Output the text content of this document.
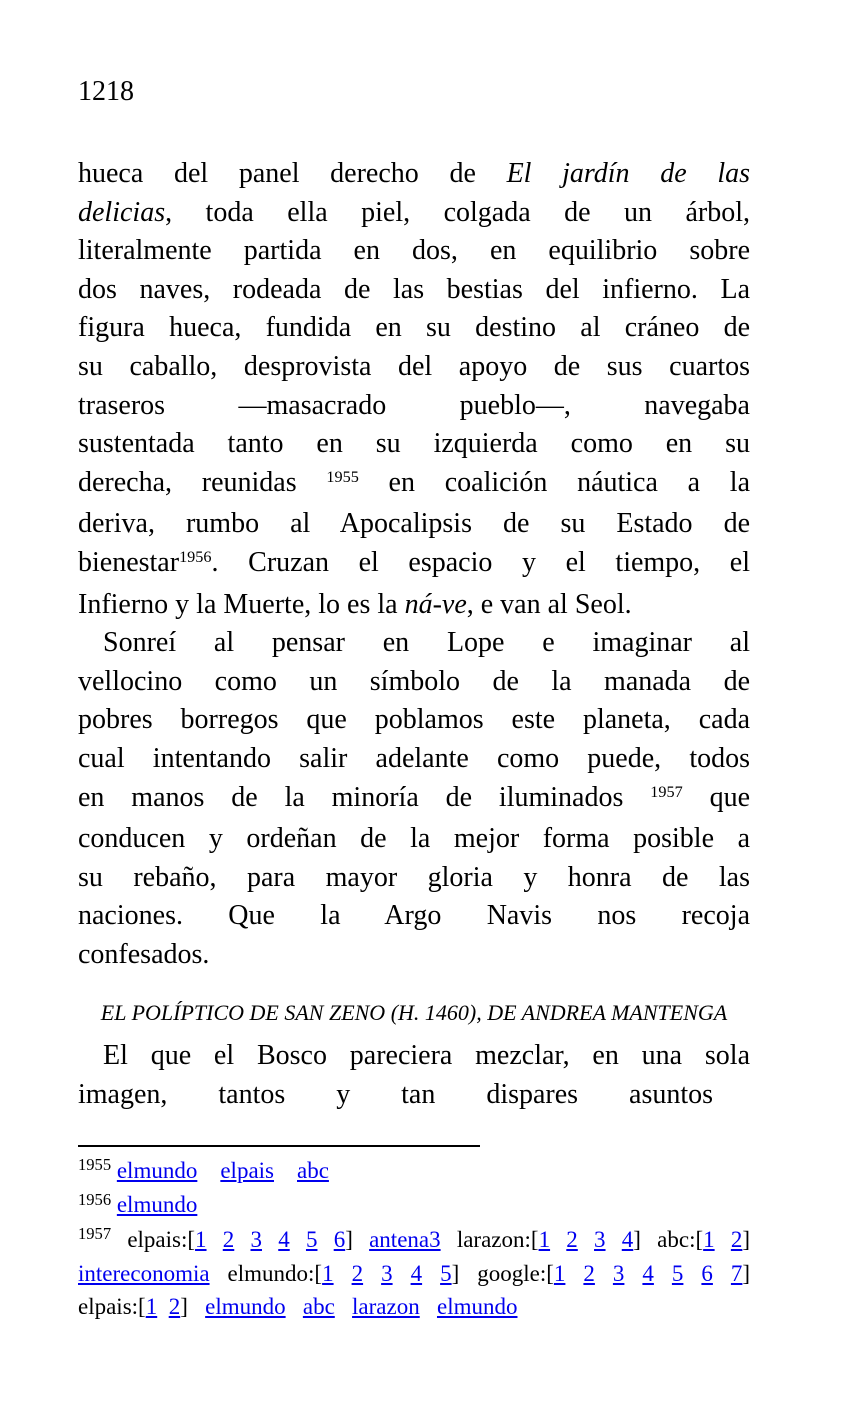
1218
hueca del panel derecho de El jardín de las
delicias, toda ella piel, colgada de un árbol,
literalmente partida en dos, en equilibrio sobre
dos naves, rodeada de las bestias del infierno. La
figura hueca, fundida en su destino al cráneo de
su caballo, desprovista del apoyo de sus cuartos
traseros —masacrado pueblo—, navegaba
sustentada tanto en su izquierda como en su
derecha, reunidas $^{1955}$ en coalición náutica a la
deriva, rumbo al Apocalipsis de su Estado de
bienestar$^{1956}$. Cruzan el espacio y el tiempo, el
Infierno y la Muerte, lo es la ná-ve, e van al Seol.
Sonreí al pensar en Lope e imaginar al
vellocino como un símbolo de la manada de
pobres borregos que poblamos este planeta, cada
cual intentando salir adelante como puede, todos
en manos de la minoría de iluminados $^{1957}$ que
conducen y ordeñan de la mejor forma posible a
su rebaño, para mayor gloria y honra de las
naciones. Que la Argo Navis nos recoja
confesados.
EL POLÍPTICO DE SAN ZENO (H. 1460), DE ANDREA MANTENGA
El que el Bosco pareciera mezclar, en una sola
imagen, tantos y tan dispares asuntos
$^{1955}$ elmundo elpais abc
$^{1956}$ elmundo
$^{1957}$ elpais:[1 2 3 4 5 6] antena3 larazon:[1 2 3 4] abc:[1 2]
intereconomia elmundo:[1 2 3 4 5] google:[1 2 3 4 5 6 7]
elpais:[1 2]   elmundo abc larazon elmundo
